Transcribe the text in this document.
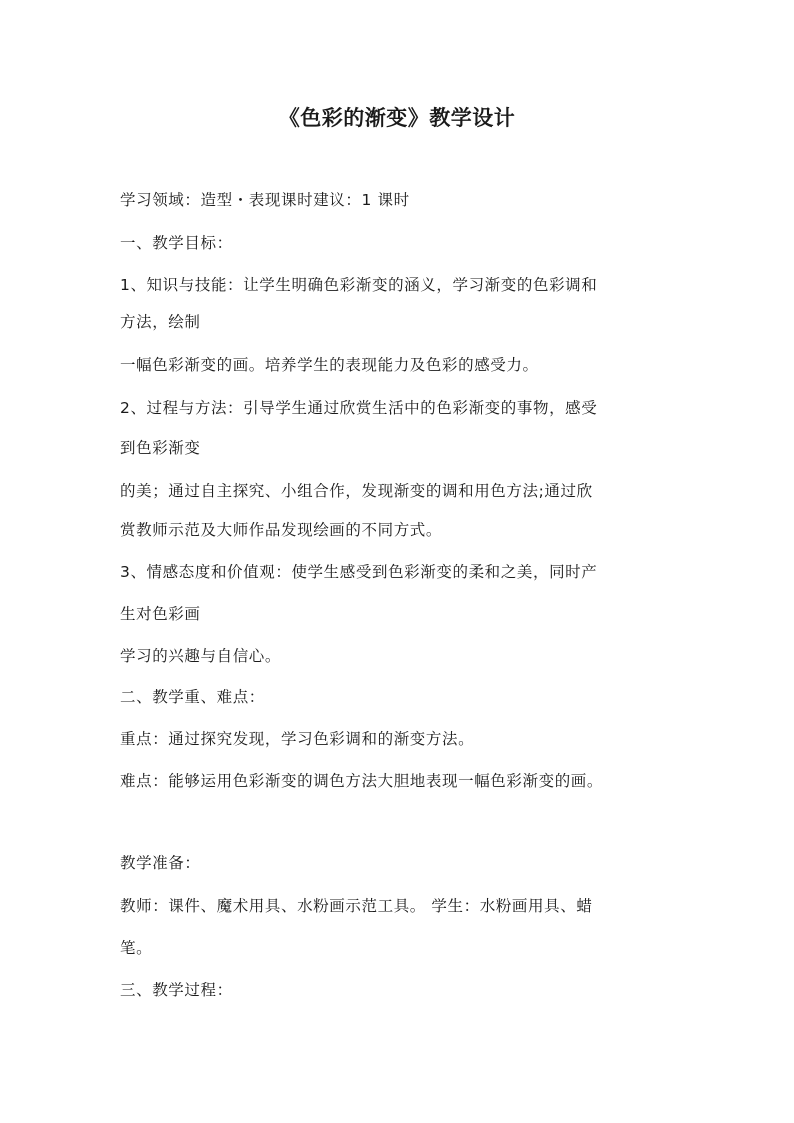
《色彩的渐变》教学设计
学习领域：造型・表现课时建议：1 课时
一、教学目标：
1、知识与技能：让学生明确色彩渐变的涵义，学习渐变的色彩调和
方法，绘制
一幅色彩渐变的画。培养学生的表现能力及色彩的感受力。
2、过程与方法：引导学生通过欣赏生活中的色彩渐变的事物，感受
到色彩渐变
的美；通过自主探究、小组合作，发现渐变的调和用色方法;通过欣
赏教师示范及大师作品发现绘画的不同方式。
3、情感态度和价值观：使学生感受到色彩渐变的柔和之美，同时产
生对色彩画
学习的兴趣与自信心。
二、教学重、难点：
重点：通过探究发现，学习色彩调和的渐变方法。
难点：能够运用色彩渐变的调色方法大胆地表现一幅色彩渐变的画。
教学准备：
教师：课件、魔术用具、水粉画示范工具。 学生：水粉画用具、蜡
笔。
三、教学过程：
